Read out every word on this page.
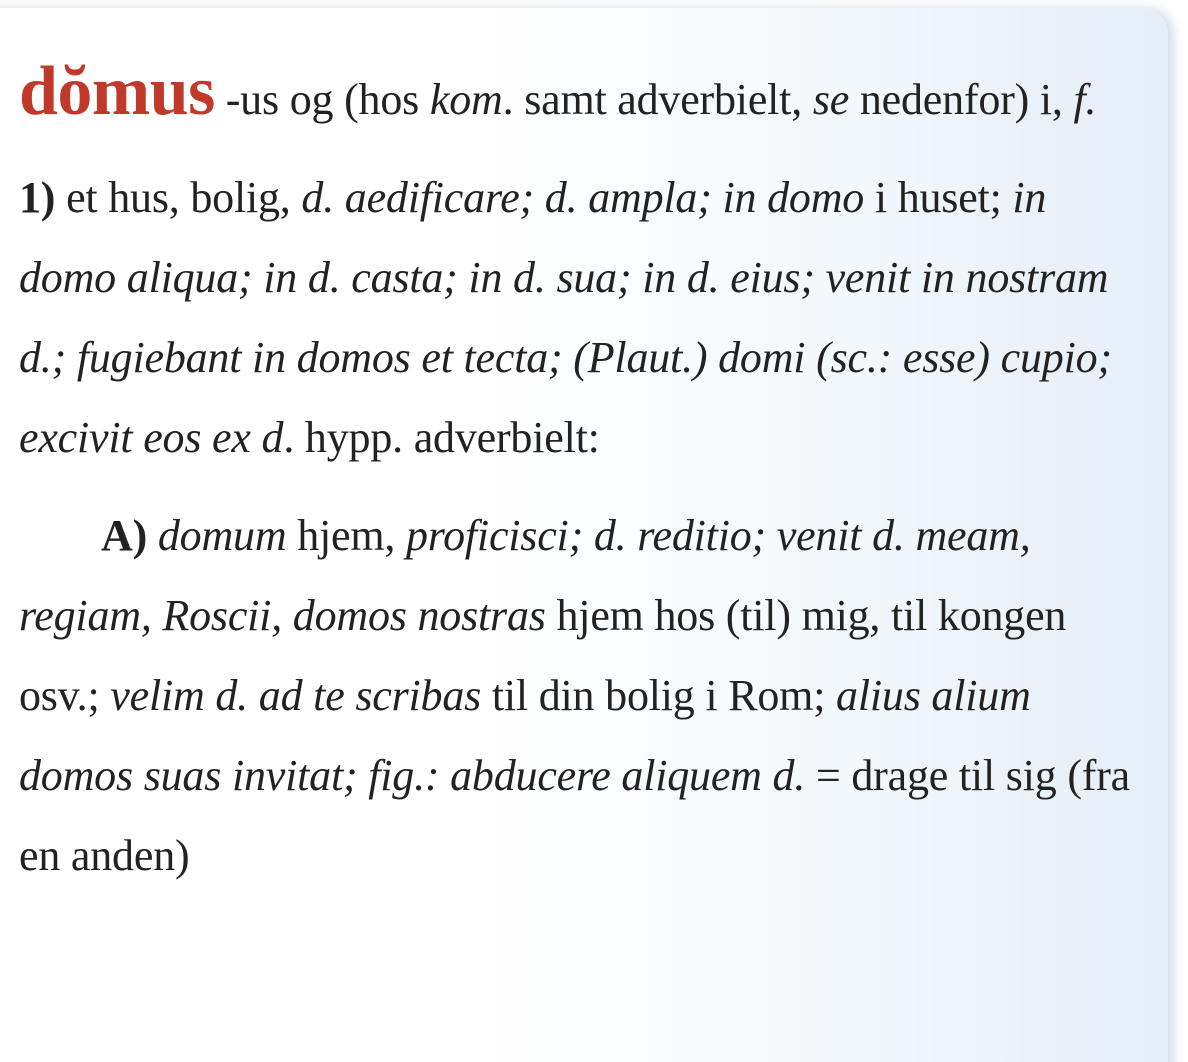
dŏmus -us og (hos kom. samt adverbielt, se nedenfor) i, f.

1) et hus, bolig, d. aedificare; d. ampla; in domo i huset; in domo aliqua; in d. casta; in d. sua; in d. eius; venit in nostram d.; fugiebant in domos et tecta; (Plaut.) domi (sc.: esse) cupio; excivit eos ex d. hypp. adverbielt:

A) domum hjem, proficisci; d. reditio; venit d. meam, regiam, Roscii, domos nostras hjem hos (til) mig, til kongen osv.; velim d. ad te scribas til din bolig i Rom; alius alium domos suas invitat; fig.: abducere aliquem d. = drage til sig (fra en anden)
